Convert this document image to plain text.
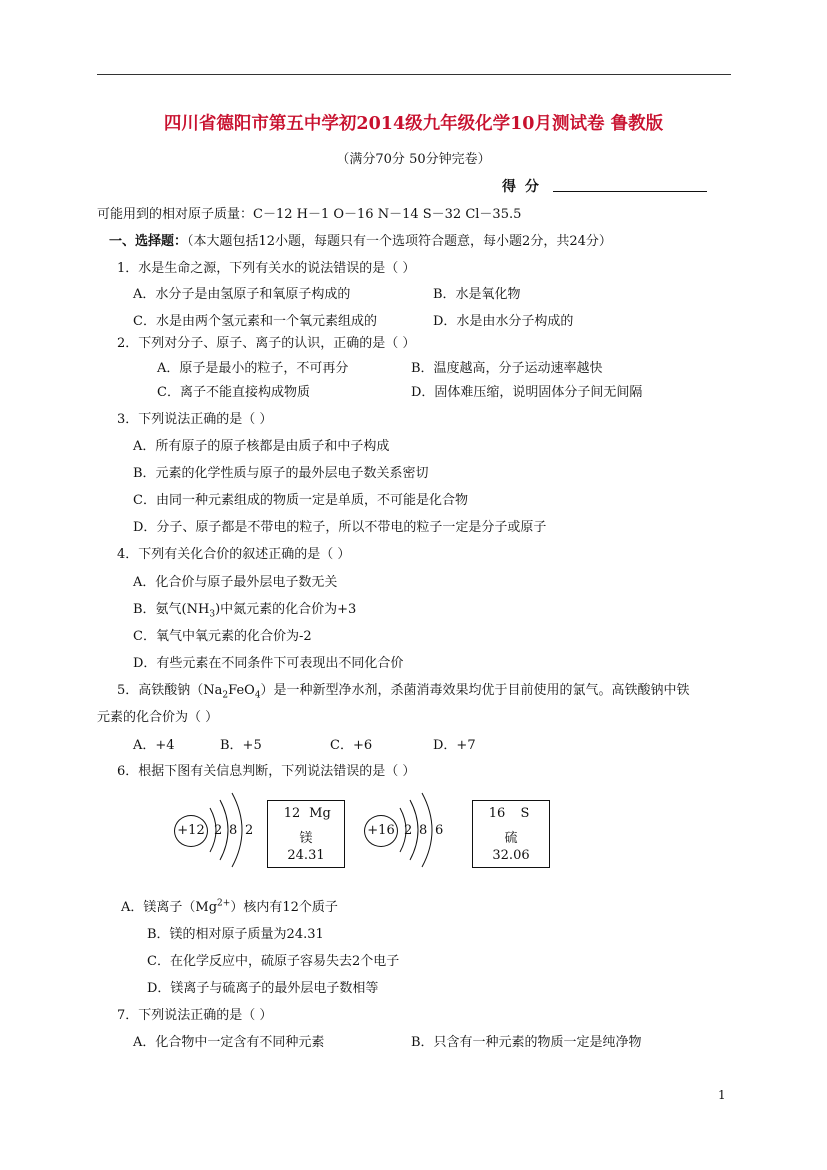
四川省德阳市第五中学初2014级九年级化学10月测试卷 鲁教版
（满分70分 50分钟完卷）
得 分
可能用到的相对原子质量：C－12 H－1 O－16 N－14 S－32 Cl－35.5
一、选择题：（本大题包括12小题，每题只有一个选项符合题意，每小题2分，共24分）
1．水是生命之源，下列有关水的说法错误的是（ ）
A．水分子是由氢原子和氧原子构成的	B．水是氧化物
C．水是由两个氢元素和一个氧元素组成的	D．水是由水分子构成的
2．下列对分子、原子、离子的认识，正确的是（ ）
A．原子是最小的粒子，不可再分	B．温度越高，分子运动速率越快
C．离子不能直接构成物质	D．固体难压缩，说明固体分子间无间隔
3．下列说法正确的是（ ）
A．所有原子的原子核都是由质子和中子构成
B．元素的化学性质与原子的最外层电子数关系密切
C．由同一种元素组成的物质一定是单质，不可能是化合物
D．分子、原子都是不带电的粒子，所以不带电的粒子一定是分子或原子
4．下列有关化合价的叙述正确的是（ ）
A．化合价与原子最外层电子数无关
B．氨气$(NH_3)$中氮元素的化合价为+3
C．氧气中氧元素的化合价为-2
D．有些元素在不同条件下可表现出不同化合价
5．高铁酸钠$(Na_2FeO_4)$是一种新型净水剂，杀菌消毒效果均优于目前使用的氯气。高铁酸钠中铁
元素的化合价为（ ）
A．+4	B．+5	C．+6	D．+7
6．根据下图有关信息判断，下列说法错误的是（ ）
+12 2 8 2
12 Mg
镁
24.31
+16 2 8 6
16	S
硫
32.06
A．镁离子$(Mg^{2+})$核内有12个质子
B．镁的相对原子质量为24.31
C．在化学反应中，硫原子容易失去2个电子
D．镁离子与硫离子的最外层电子数相等
7．下列说法正确的是（ ）
A．化合物中一定含有不同种元素	B．只含有一种元素的物质一定是纯净物
1
